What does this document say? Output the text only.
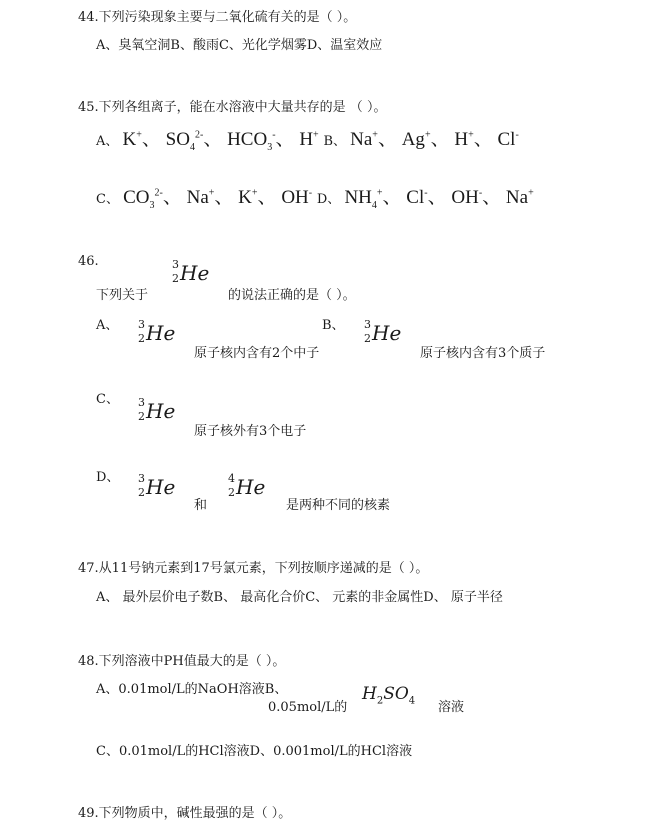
44.下列污染现象主要与二氧化硫有关的是（ ）。
A、臭氧空洞B、酸雨C、光化学烟雾D、温室效应
45.下列各组离子，能在水溶液中大量共存的是 （ ）。
A、 K+、 $SO_4^{2-}$、 $HCO_3^-$、 H+ B、 Na+、 Ag+、 H+、 Cl-
C、 $CO_3^{2-}$、 Na+、 K+、 OH- D、 $NH_4^+$、 Cl-、 OH-、 Na+
46.	3
2 He
下列关于	的说法正确的是（ ）。
A、 3
2 He
原子核内含有2个中子
B、 3
2 He
原子核内含有3个质子
C、 3
2 He
原子核外有3个电子
D、 3
2 He
和
4
2 He
是两种不同的核素
47.从11号钠元素到17号氯元素，下列按顺序递减的是（ ）。
A、 最外层价电子数B、 最高化合价C、 元素的非金属性D、 原子半径
48.下列溶液中PH值最大的是（ ）。
A、0.01mol/L的NaOH溶液B、
0.05mol/L的
$H_2SO_4$ 溶液
C、0.01mol/L的HCl溶液D、0.001mol/L的HCl溶液
49.下列物质中，碱性最强的是（ ）。
